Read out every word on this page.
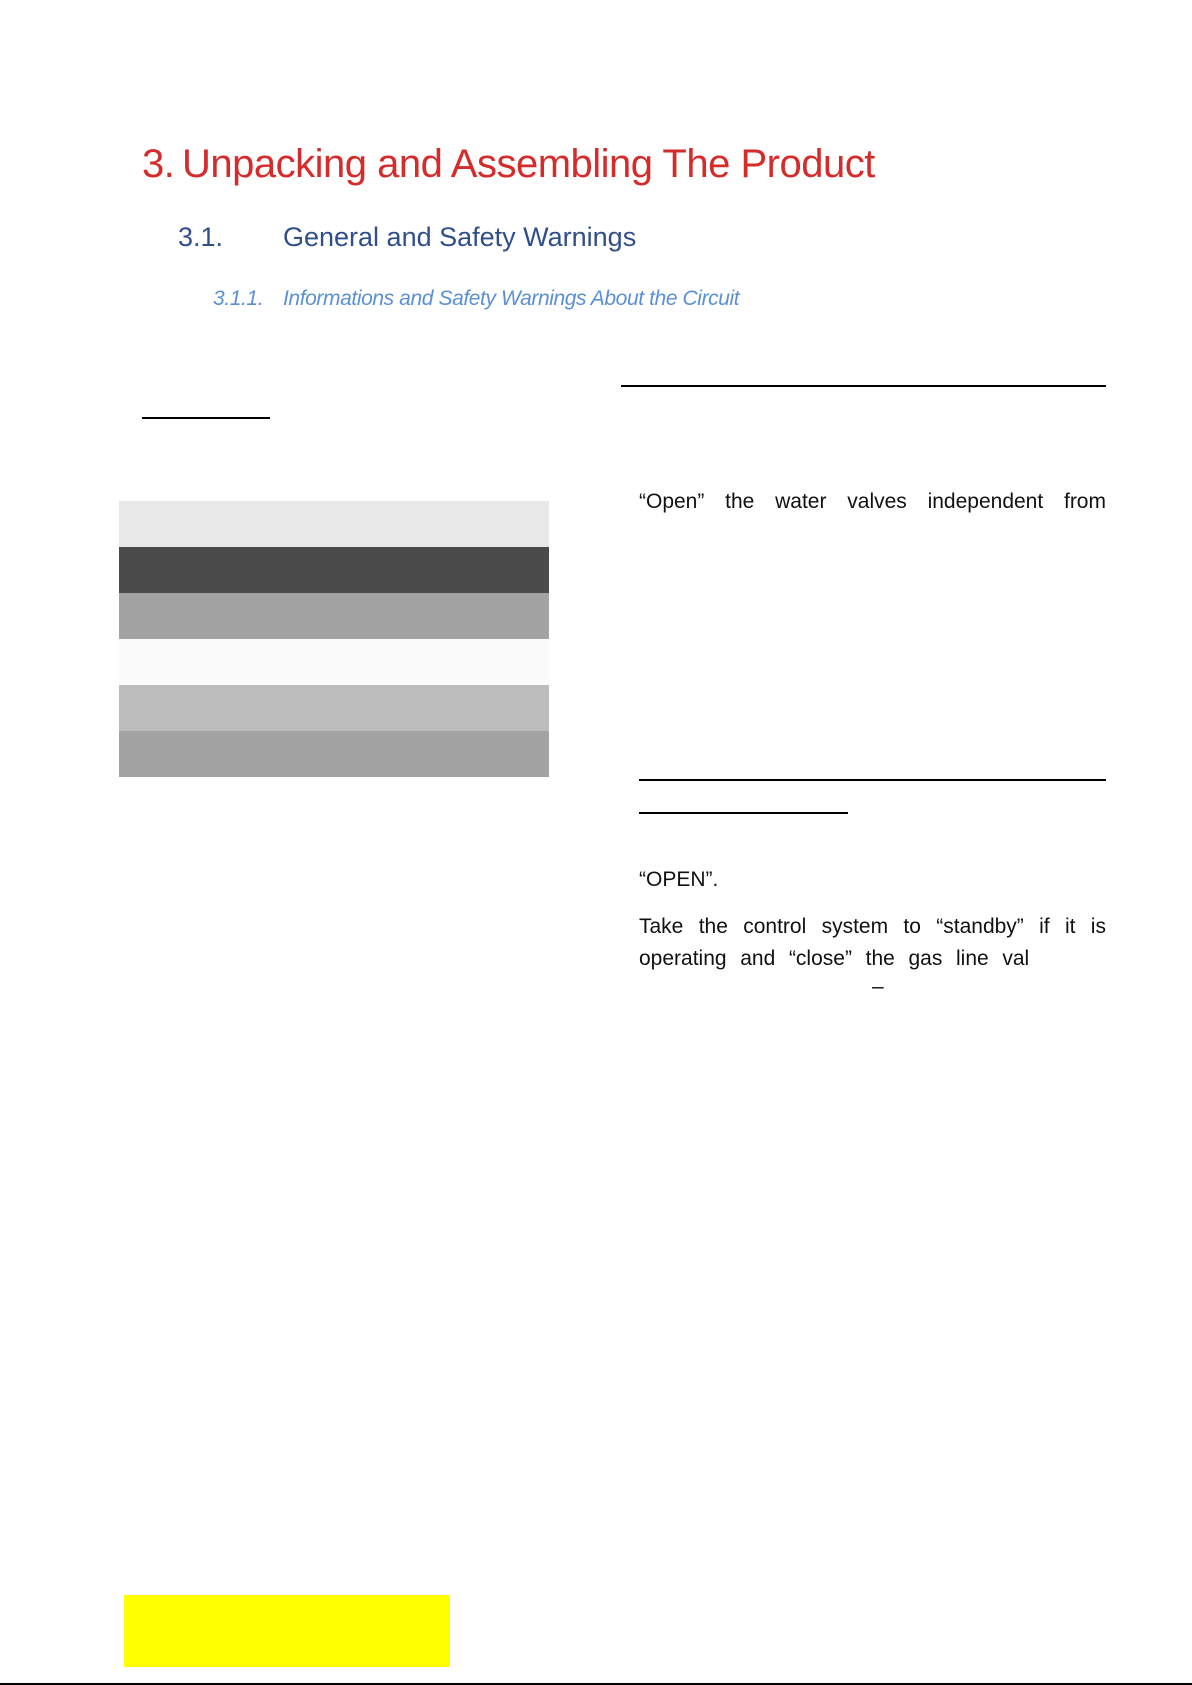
3. Unpacking and Assembling The Product
3.1. General and Safety Warnings
3.1.1. Informations and Safety Warnings About the Circuit
“Open” the water valves independent from
“OPEN”.
Take the control system to “standby” if it is
operating  and  “close”  the  gas  line  val
–
